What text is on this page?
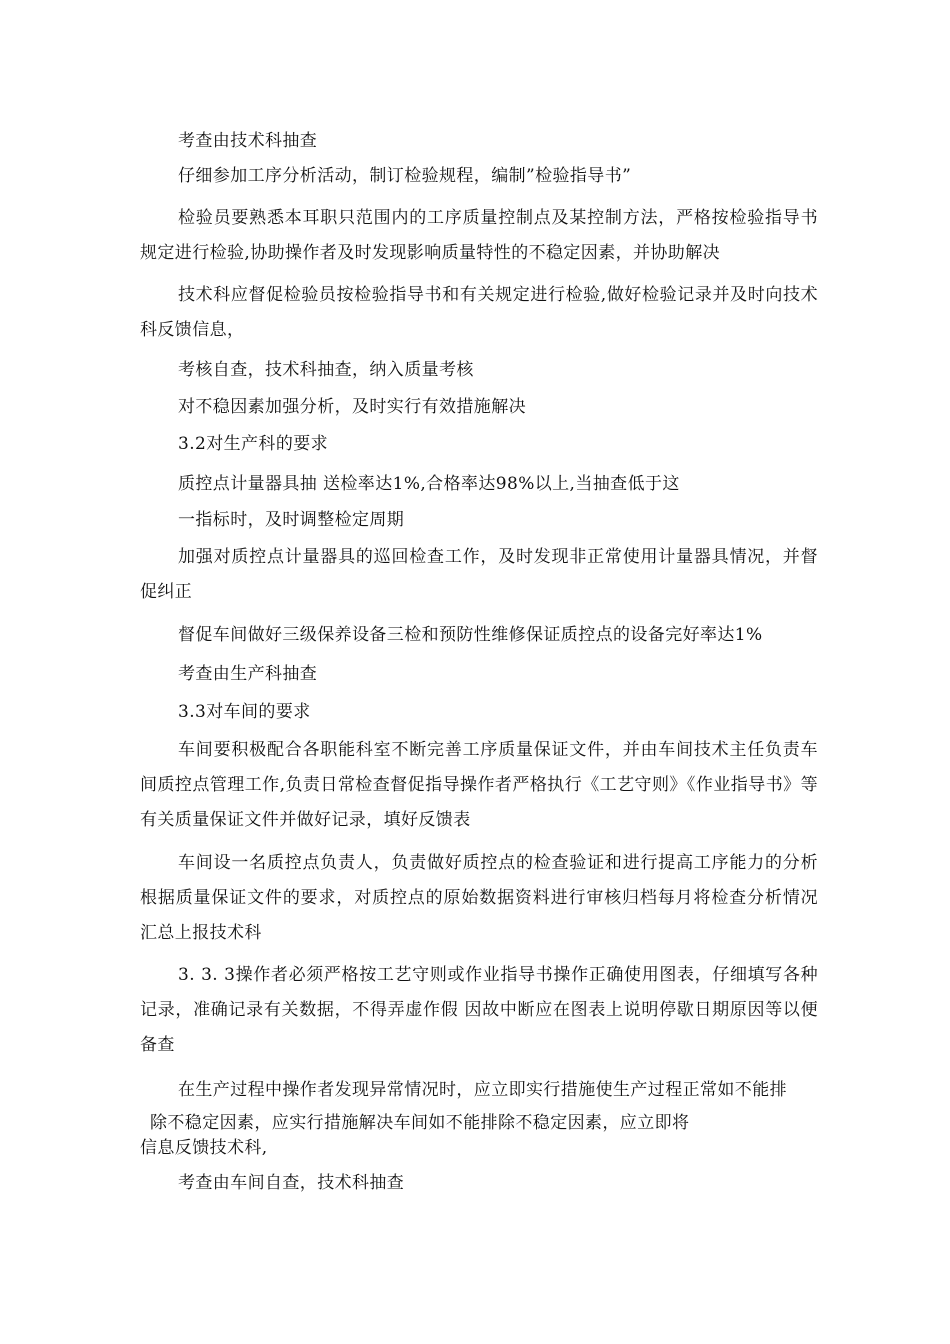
考查由技术科抽查

仔细参加工序分析活动，制订检验规程，编制”检验指导书”

检验员要熟悉本耳职只范围内的工序质量控制点及某控制方法，严格按检验指导书规定进行检验,协助操作者及时发现影响质量特性的不稳定因素，并协助解决

技术科应督促检验员按检验指导书和有关规定进行检验,做好检验记录并及时向技术科反馈信息，

考核自查，技术科抽查，纳入质量考核

对不稳因素加强分析，及时实行有效措施解决

3.2对生产科的要求

质控点计量器具抽 送检率达1%,合格率达98%以上,当抽查低于这

一指标时，及时调整检定周期

加强对质控点计量器具的巡回检查工作，及时发现非正常使用计量器具情况，并督促纠正

督促车间做好三级保养设备三检和预防性维修保证质控点的设备完好率达1%

考查由生产科抽查

3.3对车间的要求

车间要积极配合各职能科室不断完善工序质量保证文件，并由车间技术主任负责车间质控点管理工作,负责日常检查督促指导操作者严格执行《工艺守则》《作业指导书》等有关质量保证文件并做好记录，填好反馈表

车间设一名质控点负责人，负责做好质控点的检查验证和进行提高工序能力的分析根据质量保证文件的要求，对质控点的原始数据资料进行审核归档每月将检查分析情况汇总上报技术科

3. 3. 3操作者必须严格按工艺守则或作业指导书操作正确使用图表，仔细填写各种记录，准确记录有关数据，不得弄虚作假 因故中断应在图表上说明停歇日期原因等以便备查

在生产过程中操作者发现异常情况时，应立即实行措施使生产过程正常如不能排

除不稳定因素，应实行措施解决车间如不能排除不稳定因素，应立即将

信息反馈技术科,

考查由车间自查，技术科抽查
